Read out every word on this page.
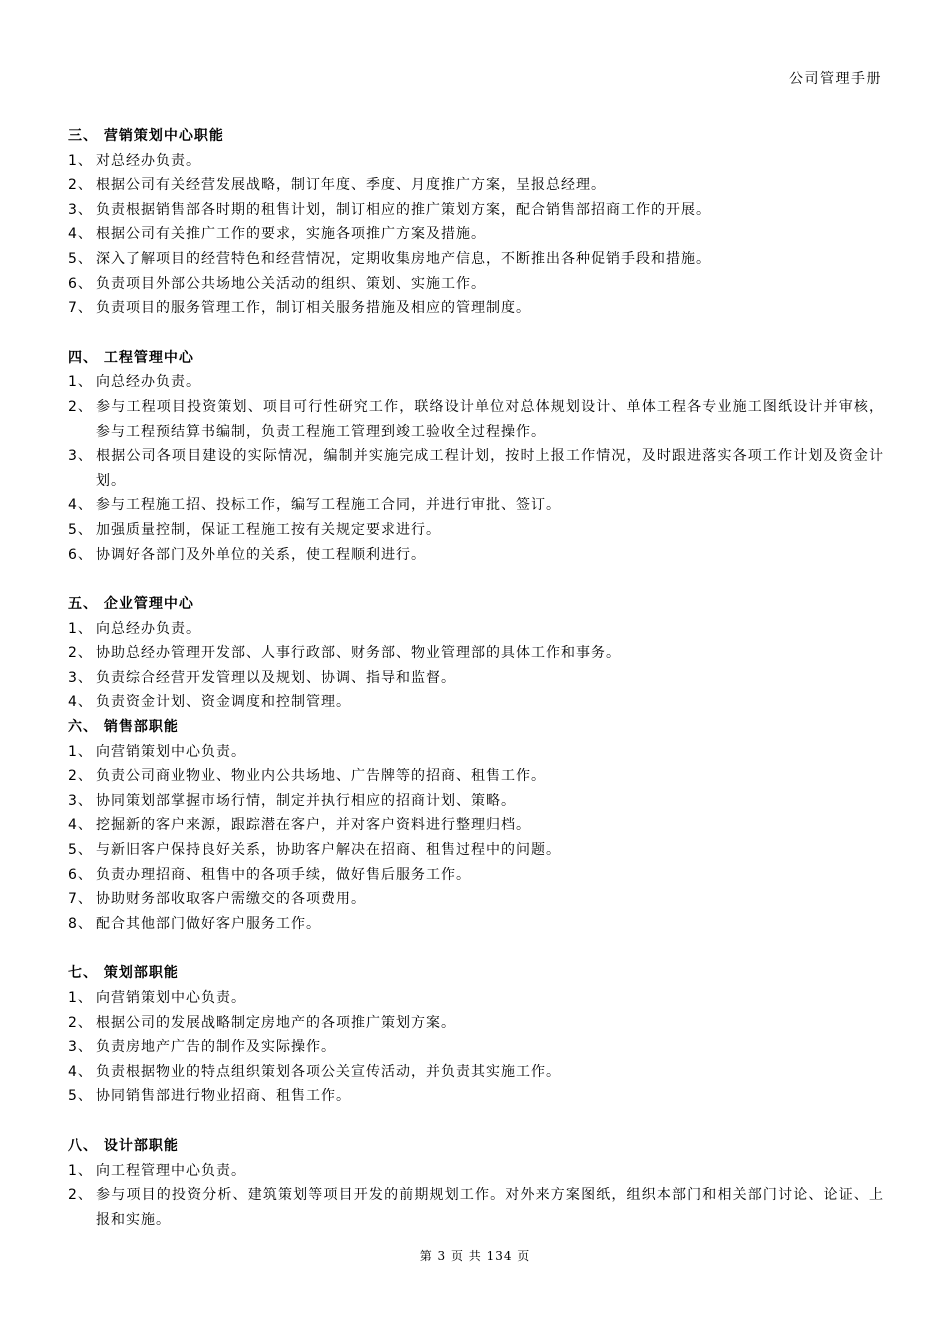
公司管理手册

三、 营销策划中心职能

1、 对总经办负责。

2、 根据公司有关经营发展战略，制订年度、季度、月度推广方案，呈报总经理。

3、 负责根据销售部各时期的租售计划，制订相应的推广策划方案，配合销售部招商工作的开展。

4、 根据公司有关推广工作的要求，实施各项推广方案及措施。

5、 深入了解项目的经营特色和经营情况，定期收集房地产信息，不断推出各种促销手段和措施。

6、 负责项目外部公共场地公关活动的组织、策划、实施工作。

7、 负责项目的服务管理工作，制订相关服务措施及相应的管理制度。

四、 工程管理中心

1、 向总经办负责。

2、 参与工程项目投资策划、项目可行性研究工作，联络设计单位对总体规划设计、单体工程各专业施工图纸设计并审核，参与工程预结算书编制，负责工程施工管理到竣工验收全过程操作。

3、 根据公司各项目建设的实际情况，编制并实施完成工程计划，按时上报工作情况，及时跟进落实各项工作计划及资金计划。

4、 参与工程施工招、投标工作，编写工程施工合同，并进行审批、签订。

5、 加强质量控制，保证工程施工按有关规定要求进行。

6、 协调好各部门及外单位的关系，使工程顺利进行。

五、 企业管理中心

1、 向总经办负责。

2、 协助总经办管理开发部、人事行政部、财务部、物业管理部的具体工作和事务。

3、 负责综合经营开发管理以及规划、协调、指导和监督。

4、 负责资金计划、资金调度和控制管理。

六、 销售部职能

1、 向营销策划中心负责。

2、 负责公司商业物业、物业内公共场地、广告牌等的招商、租售工作。

3、 协同策划部掌握市场行情，制定并执行相应的招商计划、策略。

4、 挖掘新的客户来源，跟踪潜在客户，并对客户资料进行整理归档。

5、 与新旧客户保持良好关系，协助客户解决在招商、租售过程中的问题。

6、 负责办理招商、租售中的各项手续，做好售后服务工作。

7、 协助财务部收取客户需缴交的各项费用。

8、 配合其他部门做好客户服务工作。

七、 策划部职能

1、 向营销策划中心负责。

2、 根据公司的发展战略制定房地产的各项推广策划方案。

3、 负责房地产广告的制作及实际操作。

4、 负责根据物业的特点组织策划各项公关宣传活动，并负责其实施工作。

5、 协同销售部进行物业招商、租售工作。

八、 设计部职能

1、 向工程管理中心负责。

2、 参与项目的投资分析、建筑策划等项目开发的前期规划工作。对外来方案图纸，组织本部门和相关部门讨论、论证、上报和实施。

第 3 页 共 134 页
